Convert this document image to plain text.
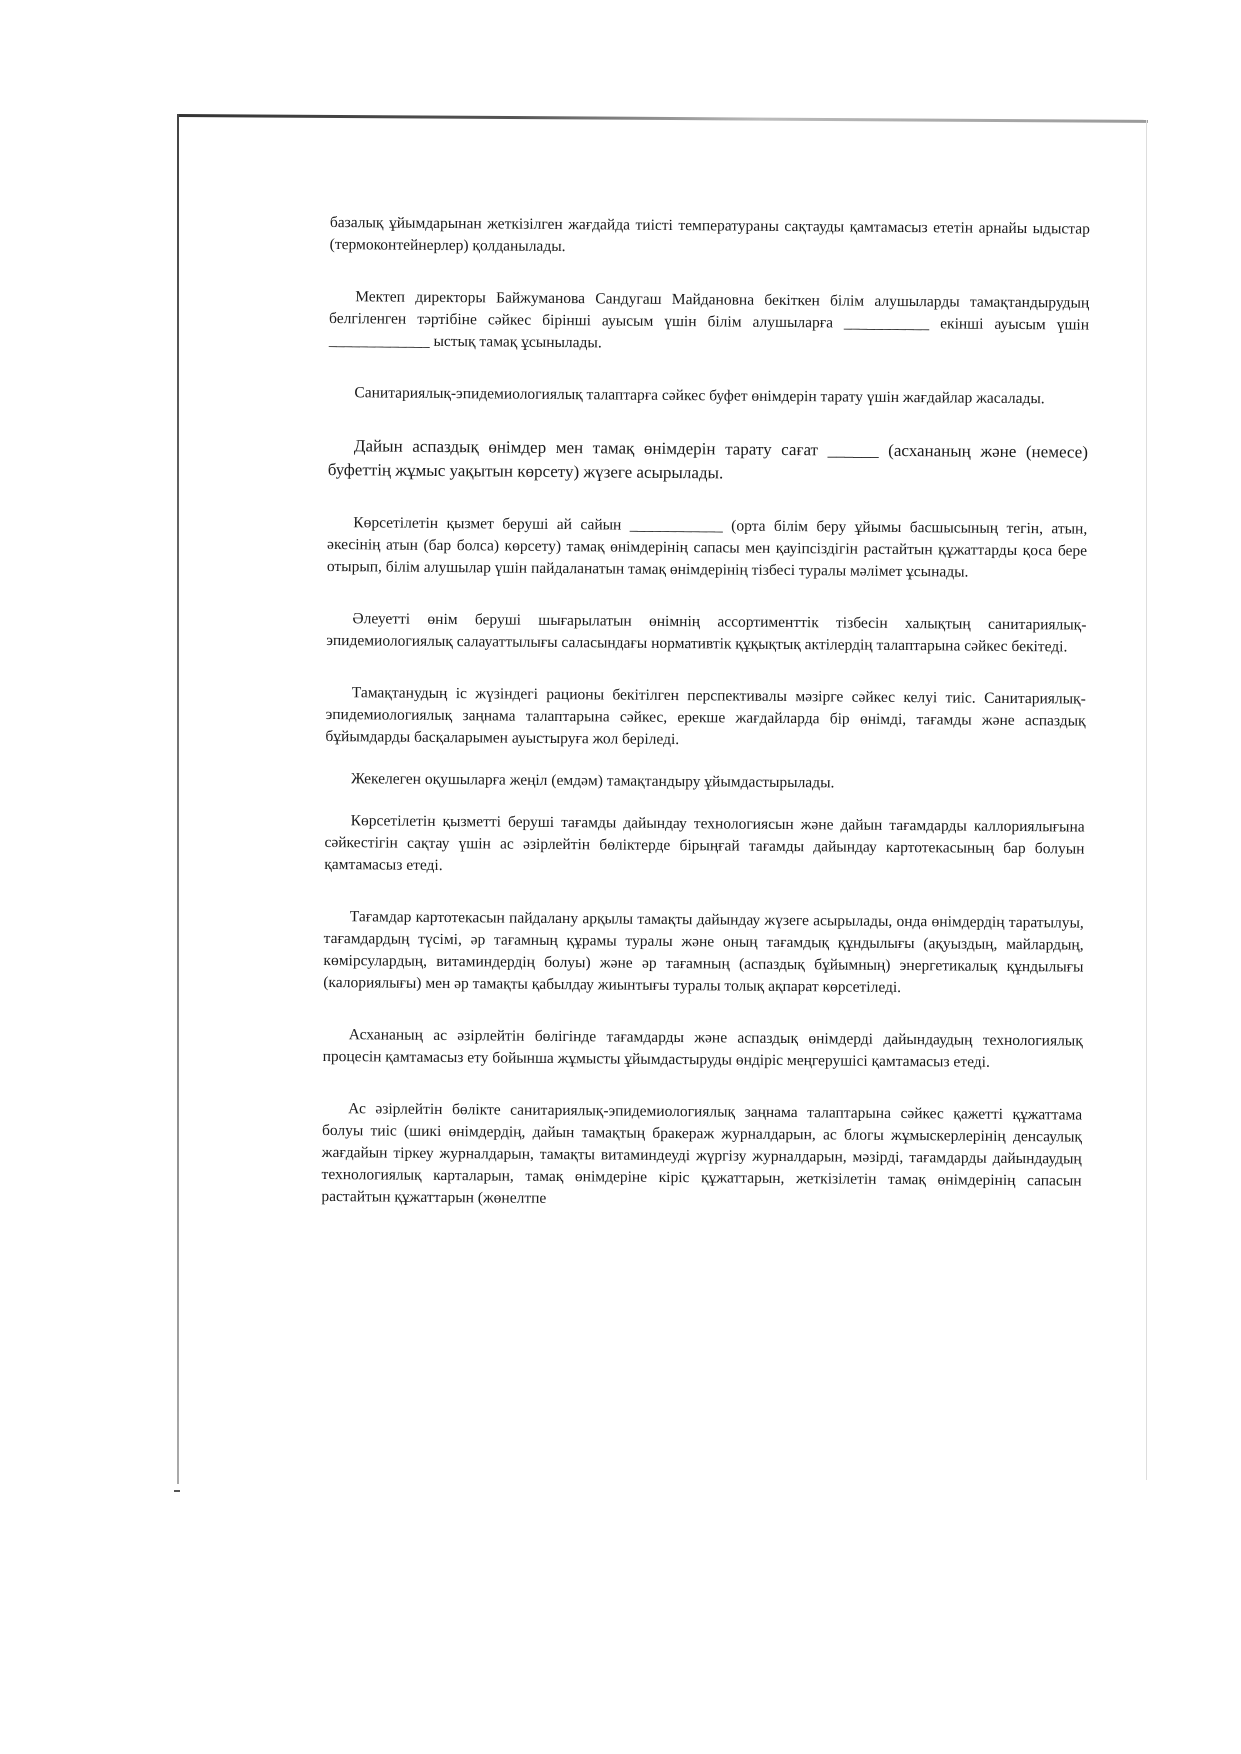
базалық ұйымдарынан жеткізілген жағдайда тиісті температураны сақтауды қамтамасыз ететін арнайы ыдыстар (термоконтейнерлер) қолданылады.

Мектеп директоры Байжуманова Сандугаш Майдановна бекіткен білім алушыларды тамақтандырудың белгіленген тәртібіне сәйкес бірінші ауысым үшін білім алушыларға ___________ екінші ауысым үшін _____________ ыстық тамақ ұсынылады.

Санитариялық-эпидемиологиялық талаптарға сәйкес буфет өнімдерін тарату үшін жағдайлар жасалады.

Дайын аспаздық өнімдер мен тамақ өнімдерін тарату сағат ______ (асхананың және (немесе) буфеттің жұмыс уақытын көрсету) жүзеге асырылады.

Көрсетілетін қызмет беруші ай сайын ____________ (орта білім беру ұйымы басшысының тегін, атын, әкесінің атын (бар болса) көрсету) тамақ өнімдерінің сапасы мен қауіпсіздігін растайтын құжаттарды қоса бере отырып, білім алушылар үшін пайдаланатын тамақ өнімдерінің тізбесі туралы мәлімет ұсынады.

Әлеуетті өнім беруші шығарылатын өнімнің ассортименттік тізбесін халықтың санитариялық-эпидемиологиялық салауаттылығы саласындағы нормативтік құқықтық актілердің талаптарына сәйкес бекітеді.

Тамақтанудың іс жүзіндегі рационы бекітілген перспективалы мәзірге сәйкес келуі тиіс. Санитариялық-эпидемиологиялық заңнама талаптарына сәйкес, ерекше жағдайларда бір өнімді, тағамды және аспаздық бұйымдарды басқаларымен ауыстыруға жол беріледі.

Жекелеген оқушыларға жеңіл (емдәм) тамақтандыру ұйымдастырылады.

Көрсетілетін қызметті беруші тағамды дайындау технологиясын және дайын тағамдарды каллориялығына сәйкестігін сақтау үшін ас әзірлейтін бөліктерде бірыңғай тағамды дайындау картотекасының бар болуын қамтамасыз етеді.

Тағамдар картотекасын пайдалану арқылы тамақты дайындау жүзеге асырылады, онда өнімдердің таратылуы, тағамдардың түсімі, әр тағамның құрамы туралы және оның тағамдық құндылығы (ақуыздың, майлардың, көмірсулардың, витаминдердің болуы) және әр тағамның (аспаздық бұйымның) энергетикалық құндылығы (калориялығы) мен әр тамақты қабылдау жиынтығы туралы толық ақпарат көрсетіледі.

Асхананың ас әзірлейтін бөлігінде тағамдарды және аспаздық өнімдерді дайындаудың технологиялық процесін қамтамасыз ету бойынша жұмысты ұйымдастыруды өндіріс меңгерушісі қамтамасыз етеді.

Ас әзірлейтін бөлікте санитариялық-эпидемиологиялық заңнама талаптарына сәйкес қажетті құжаттама болуы тиіс (шикі өнімдердің, дайын тамақтың бракераж журналдарын, ас блогы жұмыскерлерінің денсаулық жағдайын тіркеу журналдарын, тамақты витаминдеуді жүргізу журналдарын, мәзірді, тағамдарды дайындаудың технологиялық карталарын, тамақ өнімдеріне кіріс құжаттарын, жеткізілетін тамақ өнімдерінің сапасын растайтын құжаттарын (жөнелтпе
